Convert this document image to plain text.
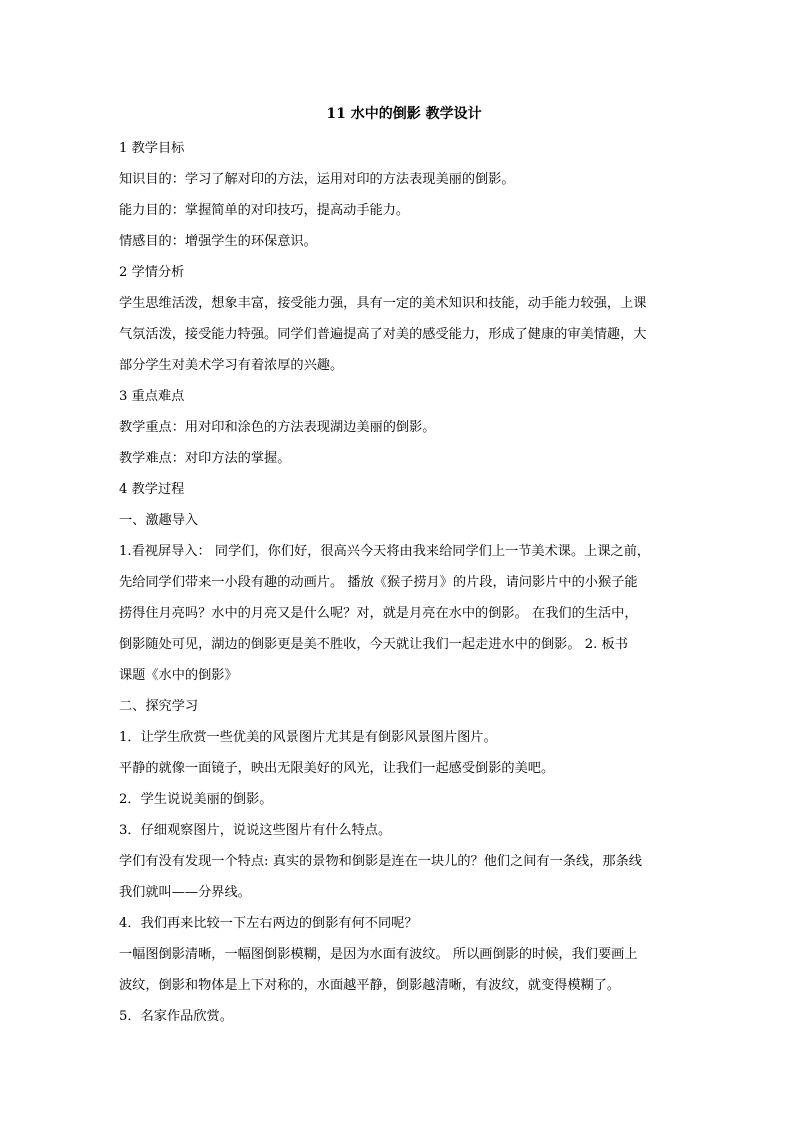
11 水中的倒影 教学设计
1 教学目标
知识目的：学习了解对印的方法，运用对印的方法表现美丽的倒影。
能力目的：掌握简单的对印技巧，提高动手能力。
情感目的：增强学生的环保意识。
2 学情分析
学生思维活泼，想象丰富，接受能力强，具有一定的美术知识和技能，动手能力较强，上课
气氛活泼，接受能力特强。同学们普遍提高了对美的感受能力，形成了健康的审美情趣，大
部分学生对美术学习有着浓厚的兴趣。
3 重点难点
教学重点：用对印和涂色的方法表现湖边美丽的倒影。
教学难点：对印方法的掌握。
4 教学过程
一、激趣导入
1.看视屏导入： 同学们，你们好，很高兴今天将由我来给同学们上一节美术课。上课之前，
先给同学们带来一小段有趣的动画片。 播放《猴子捞月》的片段，请问影片中的小猴子能
捞得住月亮吗？水中的月亮又是什么呢？对，就是月亮在水中的倒影。 在我们的生活中，
倒影随处可见，湖边的倒影更是美不胜收，今天就让我们一起走进水中的倒影。 2. 板书
课题《水中的倒影》
二、探究学习
1．让学生欣赏一些优美的风景图片尤其是有倒影风景图片图片。
平静的就像一面镜子，映出无限美好的风光，让我们一起感受倒影的美吧。
2．学生说说美丽的倒影。
3．仔细观察图片，说说这些图片有什么特点。
学们有没有发现一个特点: 真实的景物和倒影是连在一块儿的？他们之间有一条线，那条线
我们就叫——分界线。
4．我们再来比较一下左右两边的倒影有何不同呢？
一幅图倒影清晰，一幅图倒影模糊，是因为水面有波纹。 所以画倒影的时候，我们要画上
波纹，倒影和物体是上下对称的，水面越平静，倒影越清晰，有波纹，就变得模糊了。
5．名家作品欣赏。
